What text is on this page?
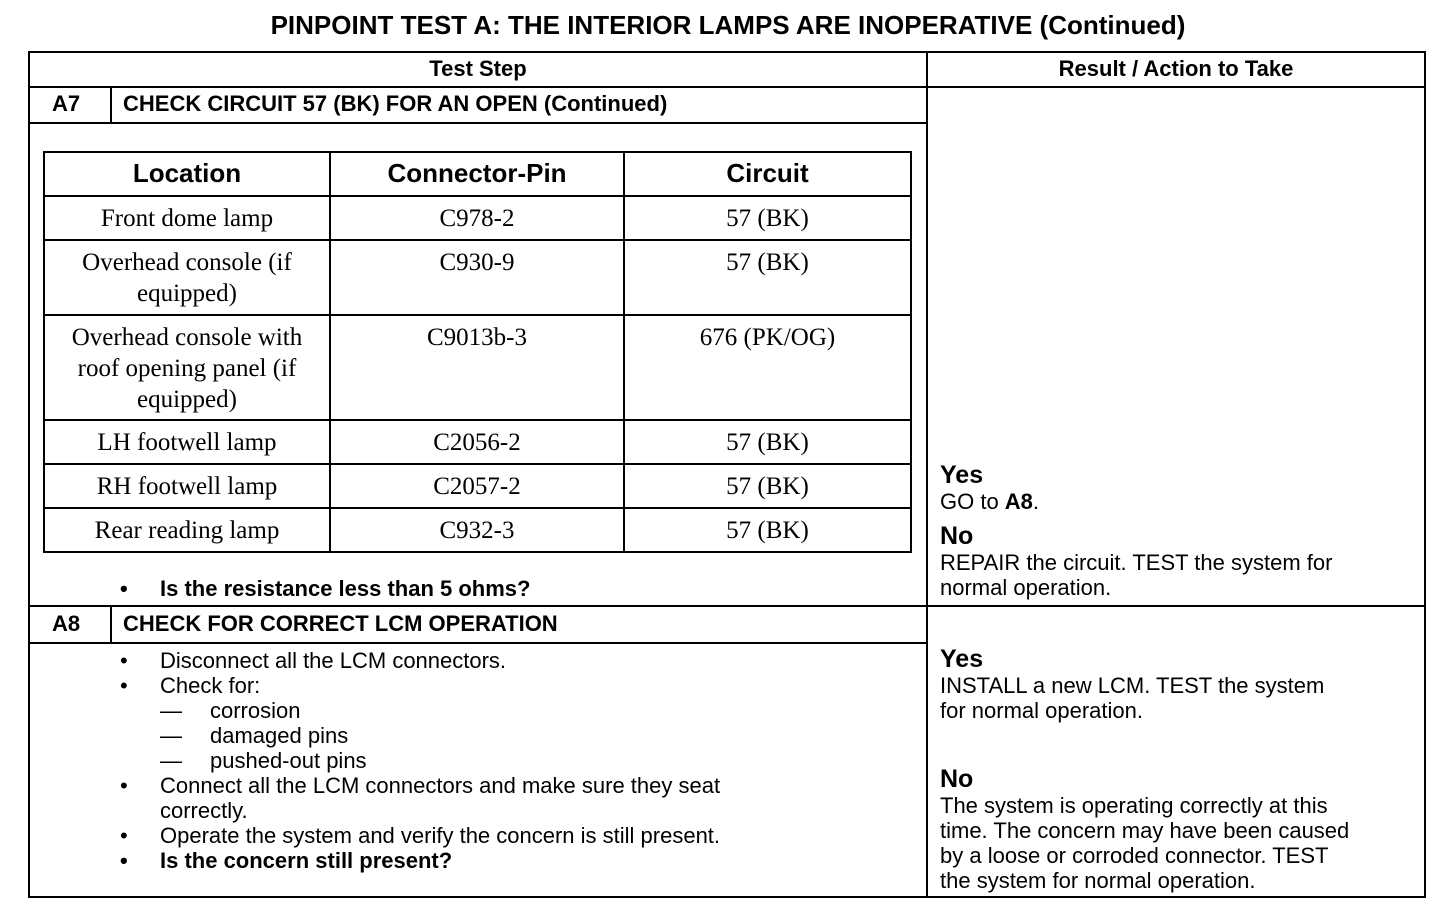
PINPOINT TEST A: THE INTERIOR LAMPS ARE INOPERATIVE (Continued)
Test Step	Result / Action to Take
A7 CHECK CIRCUIT 57 (BK) FOR AN OPEN (Continued)
Location	Connector-Pin	Circuit
Front dome lamp	C978-2	57 (BK)
Overhead console (if equipped)	C930-9	57 (BK)
Overhead console with roof opening panel (if equipped)	C9013b-3	676 (PK/OG)
LH footwell lamp	C2056-2	57 (BK)
RH footwell lamp	C2057-2	57 (BK)
Rear reading lamp	C932-3	57 (BK)
• Is the resistance less than 5 ohms?
Yes
GO to A8.
No
REPAIR the circuit. TEST the system for
normal operation.
A8 CHECK FOR CORRECT LCM OPERATION
• Disconnect all the LCM connectors.
• Check for:
— corrosion
— damaged pins
— pushed-out pins
• Connect all the LCM connectors and make sure they seat
correctly.
• Operate the system and verify the concern is still present.
• Is the concern still present?
Yes
INSTALL a new LCM. TEST the system
for normal operation.
No
The system is operating correctly at this
time. The concern may have been caused
by a loose or corroded connector. TEST
the system for normal operation.
